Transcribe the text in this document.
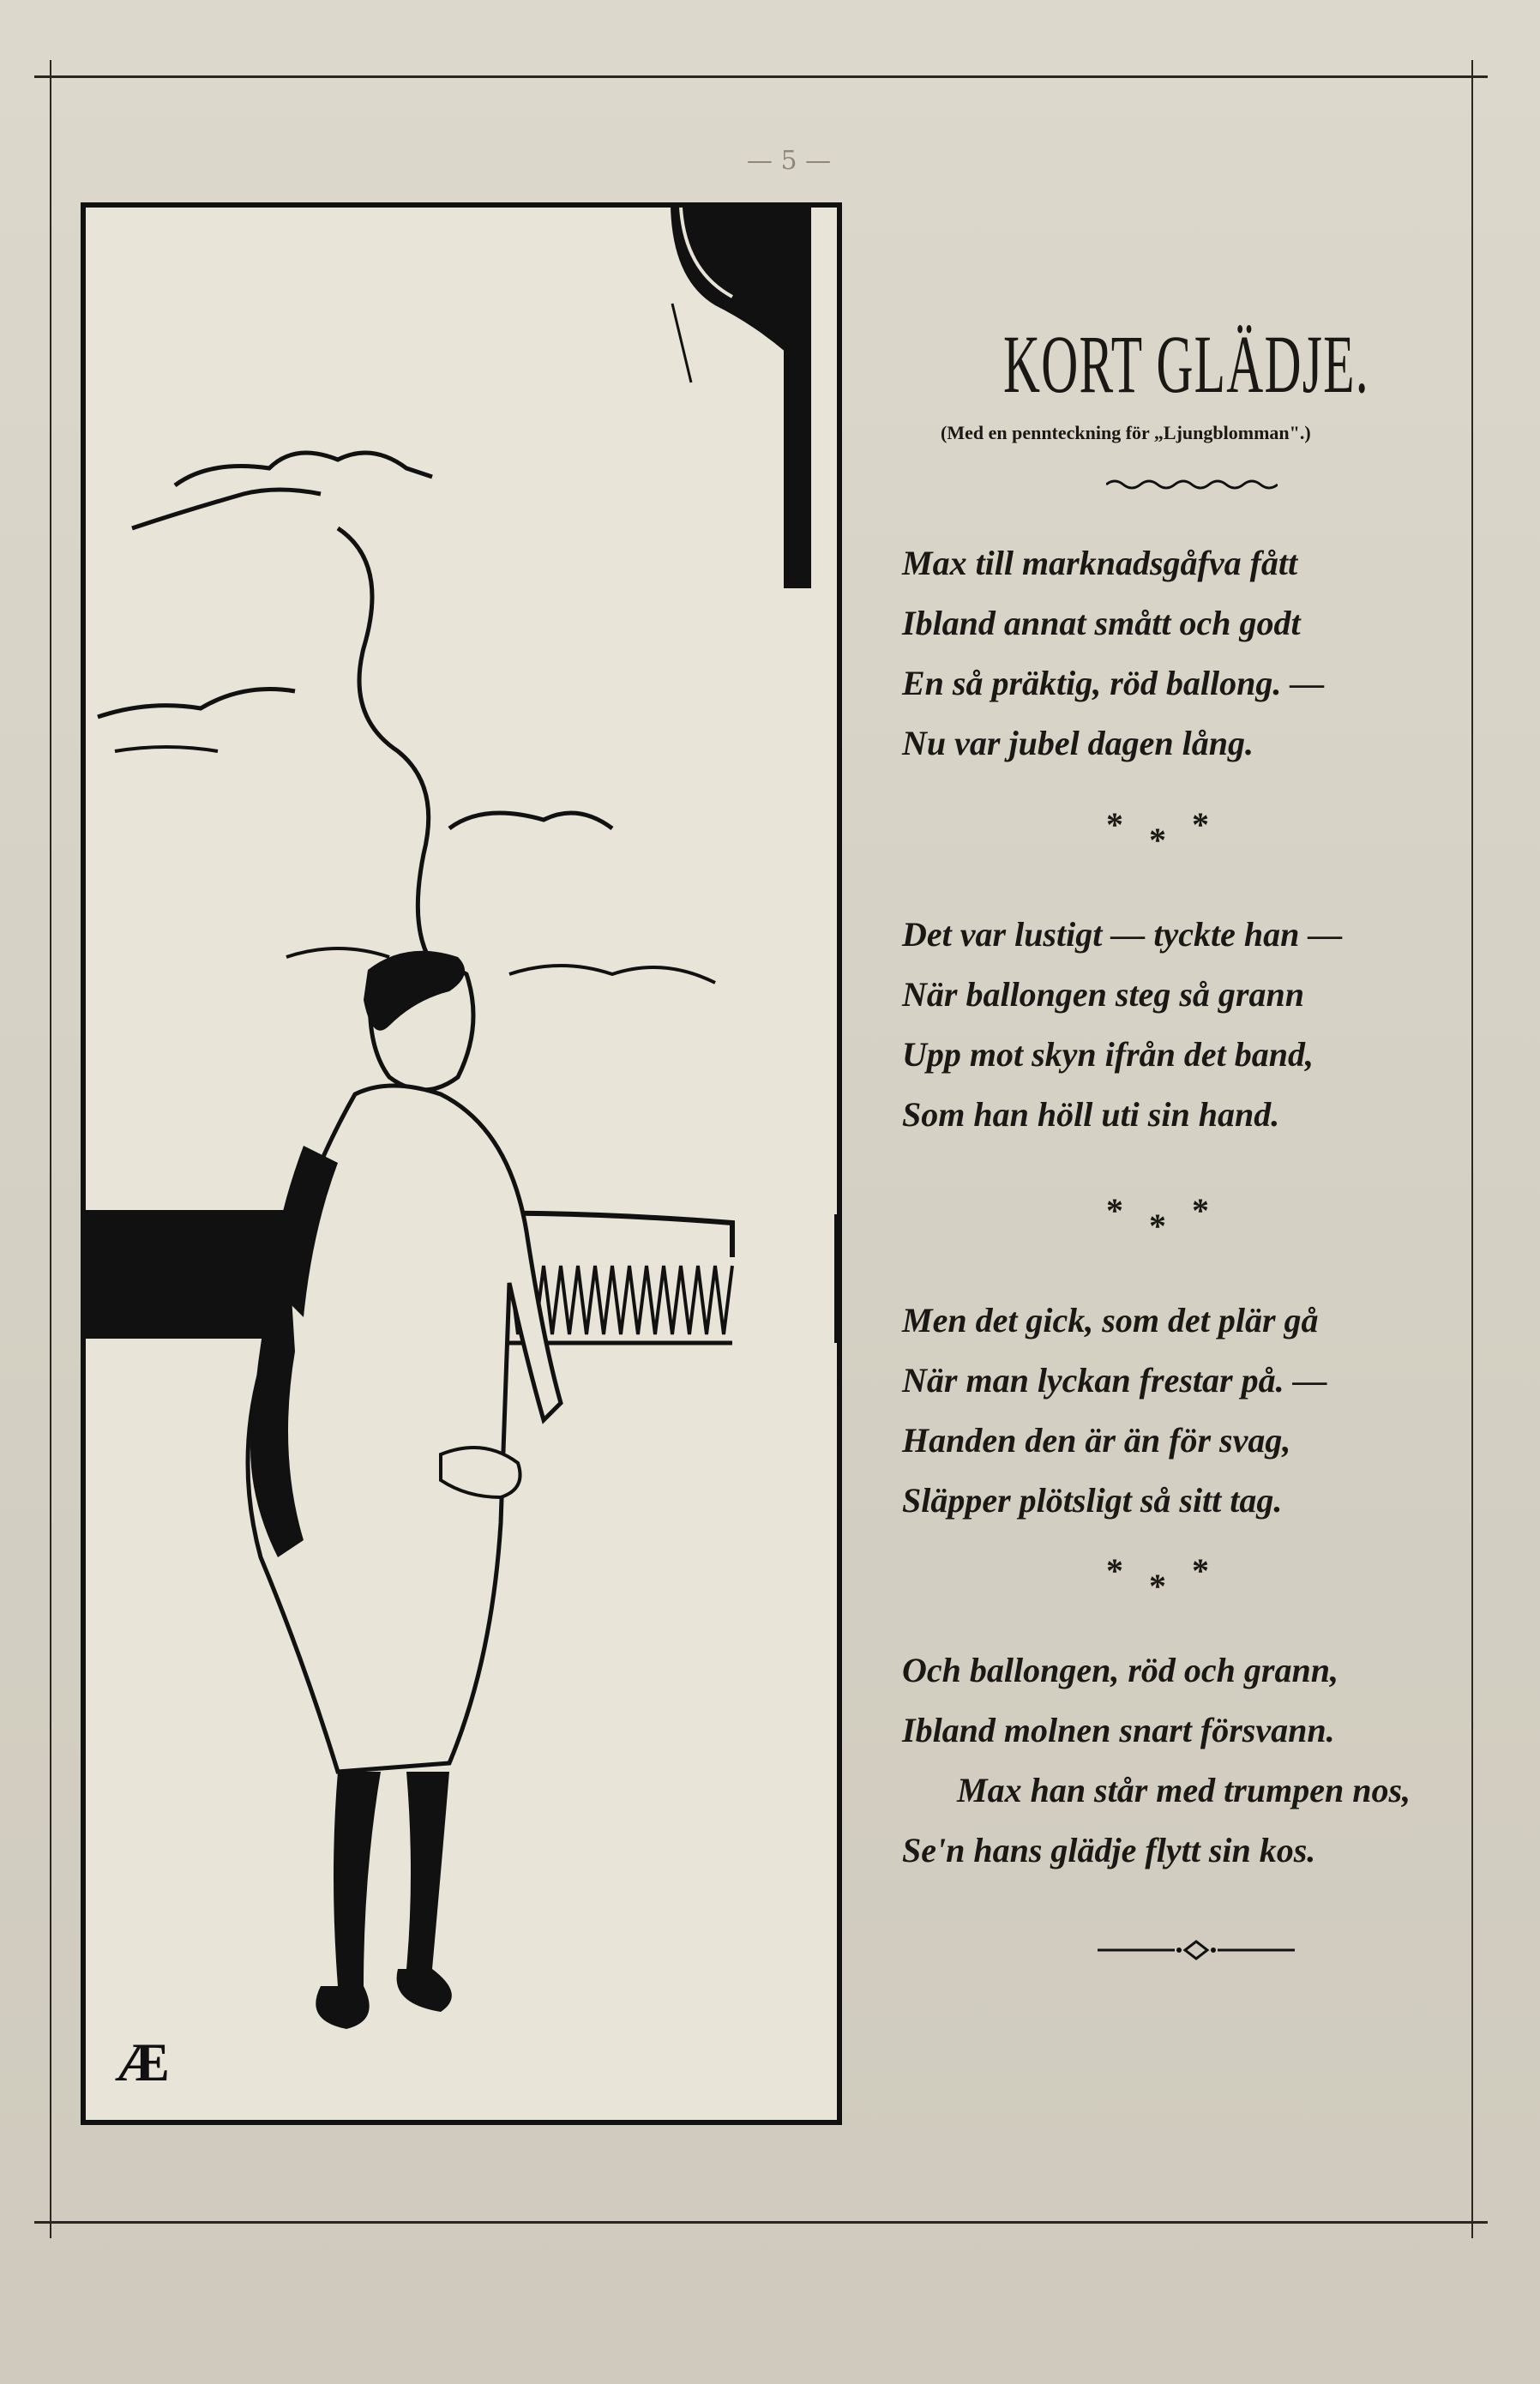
— 5 —
Æ
KORT GLÄDJE.
(Med en pennteckning för „Ljungblomman".)
Max till marknadsgåfva fått
Ibland annat smått och godt
En så präktig, röd ballong. —
Nu var jubel dagen lång.
* * *
Det var lustigt — tyckte han —
När ballongen steg så grann
Upp mot skyn ifrån det band,
Som han höll uti sin hand.
* * *
Men det gick, som det plär gå
När man lyckan frestar på. —
Handen den är än för svag,
Släpper plötsligt så sitt tag.
* * *
Och ballongen, röd och grann,
Ibland molnen snart försvann.
Max han står med trumpen nos,
Se'n hans glädje flytt sin kos.
